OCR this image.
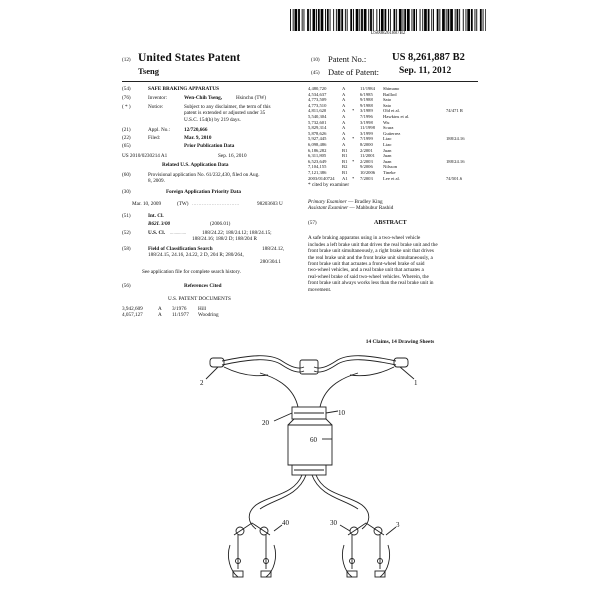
US008261887B2
(12) United States Patent
Tseng
(10) Patent No.: US 8,261,887 B2
(45) Date of Patent: Sep. 11, 2012
(54)	SAFE BRAKING APPARATUS
(76)	Inventor:	Wen-Chih Tseng,	Hsinchu (TW)
( * )	Notice:	Subject to any disclaimer, the term of this
patent is extended or adjusted under 35
U.S.C. 154(b) by 219 days.
(21)	Appl. No.:	12/720,666
(22)	Filed:	Mar. 9, 2010
(65)	Prior Publication Data
US 2010/0230214 A1	Sep. 16, 2010
Related U.S. Application Data
(60)	Provisional application No. 61/232,430, filed on Aug.
8, 2009.
(30)	Foreign Application Priority Data
Mar. 10, 2009	(TW) .............................	98203603 U
(51)	Int. Cl.
B62L 3/00	(2006.01)
(52)	U.S. Cl. ..............	188/24.22; 188/24.12; 188/24.15;
188/24.16; 188/2 D; 188/204 R
(58)	Field of Classification Search	188/24.12,
188/24.15, 24.16, 24.22, 2 D, 204 R; 280/264,
280/304.1
See application file for complete search history.
(56)	References Cited
U.S. PATENT DOCUMENTS
3,942,609	A 3/1976 Hill
4,057,127	A 11/1977 Woodring
4,480,720	A	11/1984 Shimano
4,534,637	A	6/1985 Baillod
4,773,509	A	9/1988 Sato
4,773,510	A	9/1988 Sato
4,811,620	A * 3/1989 Old et al.	74/471 R
5,540,304	A	7/1996 Hawkins et al.
5,732,601	A	3/1998 Wu
5,829,314	A	11/1998 Scura
5,878,626	A	3/1999 Gutierrez
5,927,445	A * 7/1999 Liao	188/24.16
6,098,486	A	8/2000 Liao
6,186,282	B1	2/2001 Juan
6,311,805	B1	11/2001 Juan
6,523,649	B1 * 2/2003 Juan	188/24.16
7,104,155	B2	9/2006 Nilsson
7,121,386	B1	10/2006 Tineke
2003/0140724 A1 * 7/2003 Lee et al.	74/501.6
* cited by examiner
Primary Examiner — Bradley King
Assistant Examiner — Mahbubur Rashid
(57)	ABSTRACT
A safe braking apparatus using in a two-wheel vehicle
includes a left brake unit that drives the real brake unit and the
front brake unit simultaneously, a right brake unit that drives
the real brake unit and the front brake unit simultaneously, a
front brake unit that actuates a front-wheel brake of said
two-wheel vehicles, and a real brake unit that actuates a
real-wheel brake of said two-wheel vehicles. Wherein, the
front brake unit always works less than the real brake unit in
movement.
14 Claims, 14 Drawing Sheets
2	1
20
10
60
40	30	3
